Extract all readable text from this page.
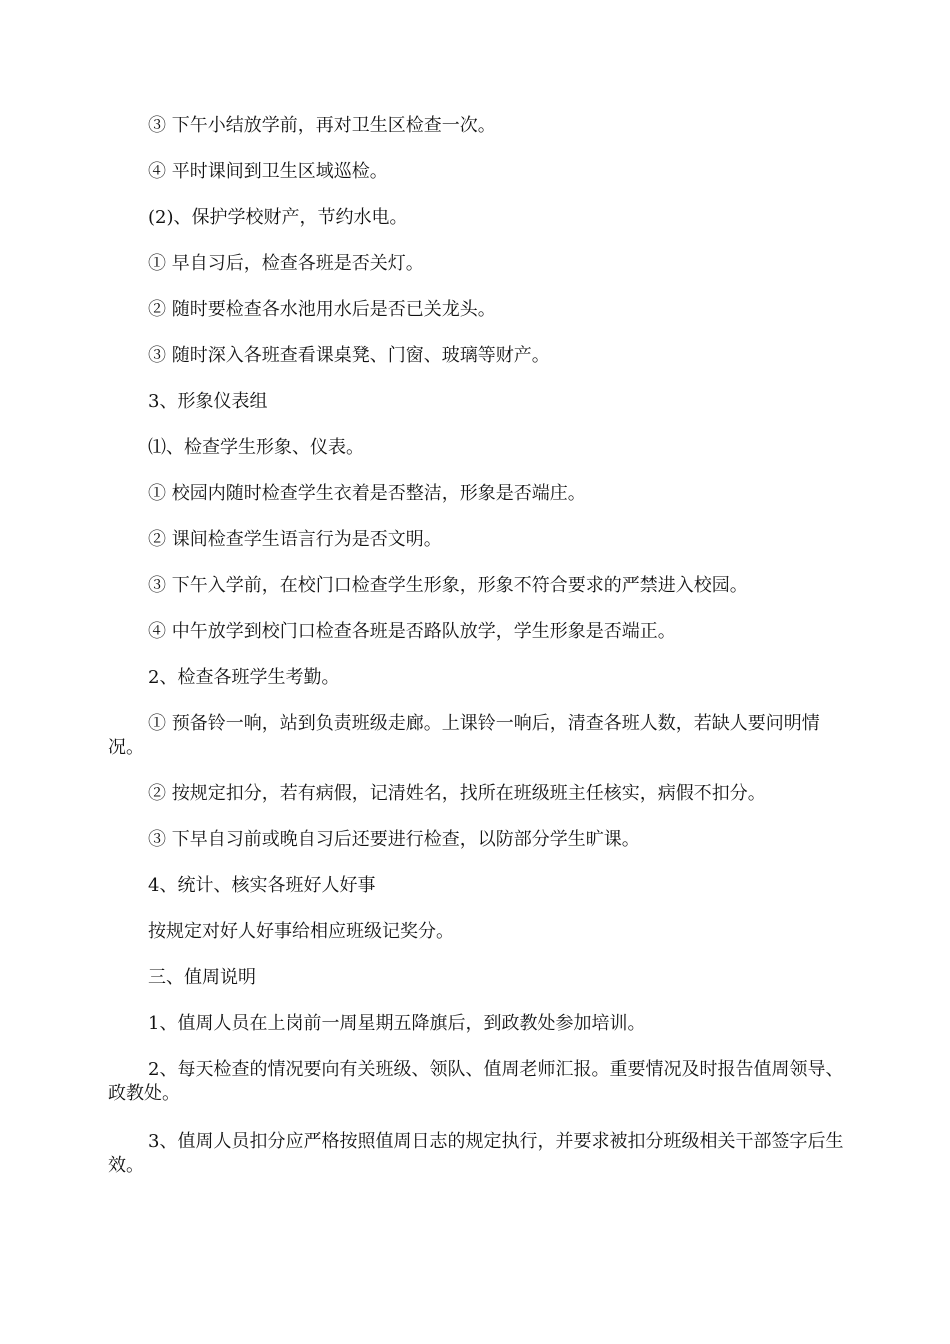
③ 下午小结放学前，再对卫生区检查一次。

④ 平时课间到卫生区域巡检。

(2)、保护学校财产，节约水电。

① 早自习后，检查各班是否关灯。

② 随时要检查各水池用水后是否已关龙头。

③ 随时深入各班查看课桌凳、门窗、玻璃等财产。

3、形象仪表组

⑴、检查学生形象、仪表。

① 校园内随时检查学生衣着是否整洁，形象是否端庄。

② 课间检查学生语言行为是否文明。

③ 下午入学前，在校门口检查学生形象，形象不符合要求的严禁进入校园。

④ 中午放学到校门口检查各班是否路队放学，学生形象是否端正。

2、检查各班学生考勤。

① 预备铃一响，站到负责班级走廊。上课铃一响后，清查各班人数，若缺人要问明情况。

② 按规定扣分，若有病假，记清姓名，找所在班级班主任核实，病假不扣分。

③ 下早自习前或晚自习后还要进行检查，以防部分学生旷课。

4、统计、核实各班好人好事

按规定对好人好事给相应班级记奖分。

三、值周说明

1、值周人员在上岗前一周星期五降旗后，到政教处参加培训。

2、每天检查的情况要向有关班级、领队、值周老师汇报。重要情况及时报告值周领导、政教处。

3、值周人员扣分应严格按照值周日志的规定执行，并要求被扣分班级相关干部签字后生效。
